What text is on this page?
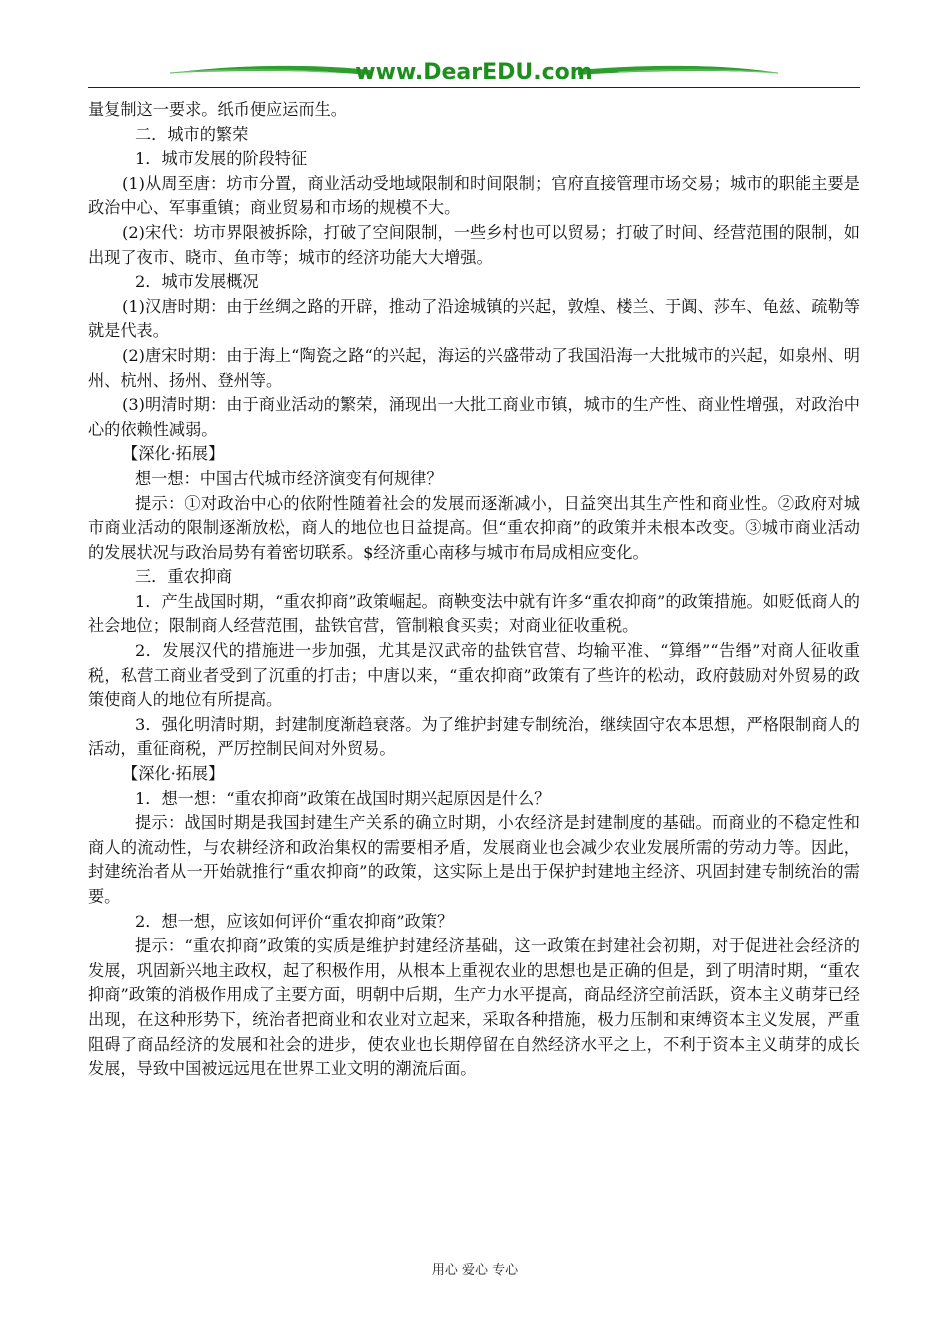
www.DearEDU.com

量复制这一要求。纸币便应运而生。

二．城市的繁荣

1．城市发展的阶段特征

(1)从周至唐：坊市分置，商业活动受地域限制和时间限制；官府直接管理市场交易；城市的职能主要是政治中心、军事重镇；商业贸易和市场的规模不大。

(2)宋代：坊市界限被拆除，打破了空间限制，一些乡村也可以贸易；打破了时间、经营范围的限制，如出现了夜市、晓市、鱼市等；城市的经济功能大大增强。

2．城市发展概况

(1)汉唐时期：由于丝绸之路的开辟，推动了沿途城镇的兴起，敦煌、楼兰、于阗、莎车、龟兹、疏勒等就是代表。

(2)唐宋时期：由于海上“陶瓷之路“的兴起，海运的兴盛带动了我国沿海一大批城市的兴起，如泉州、明州、杭州、扬州、登州等。

(3)明清时期：由于商业活动的繁荣，涌现出一大批工商业市镇，城市的生产性、商业性增强，对政治中心的依赖性减弱。

【深化·拓展】

想一想：中国古代城市经济演变有何规律？

提示：①对政治中心的依附性随着社会的发展而逐渐减小，日益突出其生产性和商业性。②政府对城市商业活动的限制逐渐放松，商人的地位也日益提高。但“重农抑商”的政策并未根本改变。③城市商业活动的发展状况与政治局势有着密切联系。$经济重心南移与城市布局成相应变化。

三．重农抑商

1．产生战国时期，“重农抑商”政策崛起。商鞅变法中就有许多“重农抑商”的政策措施。如贬低商人的社会地位；限制商人经营范围，盐铁官营，管制粮食买卖；对商业征收重税。

2．发展汉代的措施进一步加强，尤其是汉武帝的盐铁官营、均输平准、“算缗”“告缗”对商人征收重税，私营工商业者受到了沉重的打击；中唐以来，“重农抑商”政策有了些许的松动，政府鼓励对外贸易的政策使商人的地位有所提高。

3．强化明清时期，封建制度渐趋衰落。为了维护封建专制统治，继续固守农本思想，严格限制商人的活动，重征商税，严厉控制民间对外贸易。

【深化·拓展】

1．想一想：“重农抑商”政策在战国时期兴起原因是什么？

提示：战国时期是我国封建生产关系的确立时期，小农经济是封建制度的基础。而商业的不稳定性和商人的流动性，与农耕经济和政治集权的需要相矛盾，发展商业也会减少农业发展所需的劳动力等。因此，封建统治者从一开始就推行“重农抑商”的政策，这实际上是出于保护封建地主经济、巩固封建专制统治的需要。

2．想一想，应该如何评价“重农抑商”政策？

提示：“重农抑商”政策的实质是维护封建经济基础，这一政策在封建社会初期，对于促进社会经济的发展，巩固新兴地主政权，起了积极作用，从根本上重视农业的思想也是正确的但是，到了明清时期，“重农抑商”政策的消极作用成了主要方面，明朝中后期，生产力水平提高，商品经济空前活跃，资本主义萌芽已经出现，在这种形势下，统治者把商业和农业对立起来，采取各种措施，极力压制和束缚资本主义发展，严重阻碍了商品经济的发展和社会的进步，使农业也长期停留在自然经济水平之上，不利于资本主义萌芽的成长发展，导致中国被远远甩在世界工业文明的潮流后面。

用心 爱心 专心
